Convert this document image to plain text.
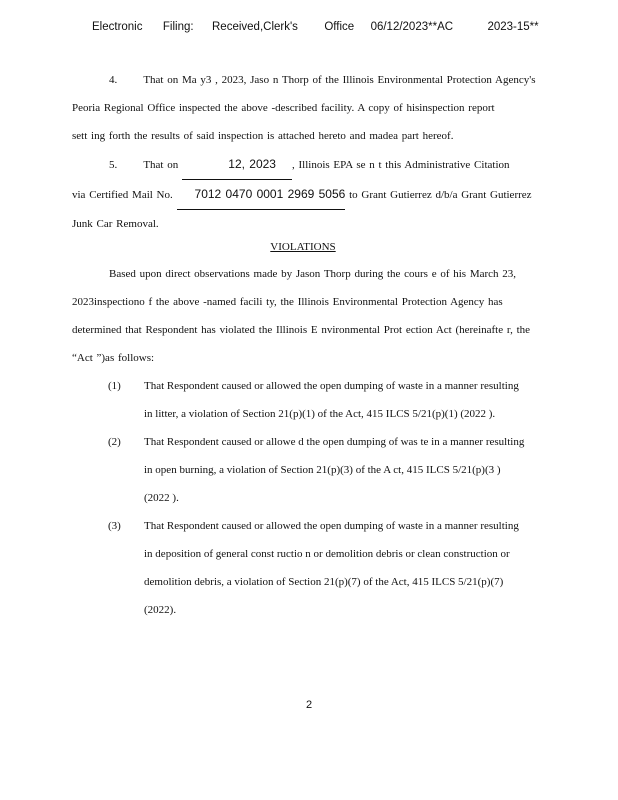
Electronic Filing: Received,Clerk's Office 06/12/2023**AC	2023-15**
4. That on Ma y3 , 2023, Jaso n Thorp of the Illinois Environmental Protection Agency's
Peoria Regional Office inspected the above -described facility. A copy of hisinspection report
sett ing forth the results of said inspection is attached hereto and madea part hereof.
5. That on	12, 2023 , Illinois EPA se n t this Administrative Citation
via Certified Mail No. 7012 0470 0001 2969 5056 to Grant Gutierrez d/b/a Grant Gutierrez
Junk Car Removal.
VIOLATIONS
Based upon direct observations made by Jason Thorp during the cours e of his March 23,
2023inspectiono f the above -named facili ty, the Illinois Environmental Protection Agency has
determined that Respondent has violated the Illinois E nvironmental Prot ection Act (hereinafte r, the
“Act ”)as follows:
(1) That Respondent caused or allowed the open dumping of waste in a manner resulting
in litter, a violation of Section 21(p)(1) of the Act, 415 ILCS 5/21(p)(1) (2022 ).
(2) That Respondent caused or allowe d the open dumping of was te in a manner resulting
in open burning, a violation of Section 21(p)(3) of the A ct, 415 ILCS 5/21(p)(3 )
(2022 ).
(3) That Respondent caused or allowed the open dumping of waste in a manner resulting
in deposition of general const ructio n or demolition debris or clean construction or
demolition debris, a violation of Section 21(p)(7) of the Act, 415 ILCS 5/21(p)(7)
(2022).
2
